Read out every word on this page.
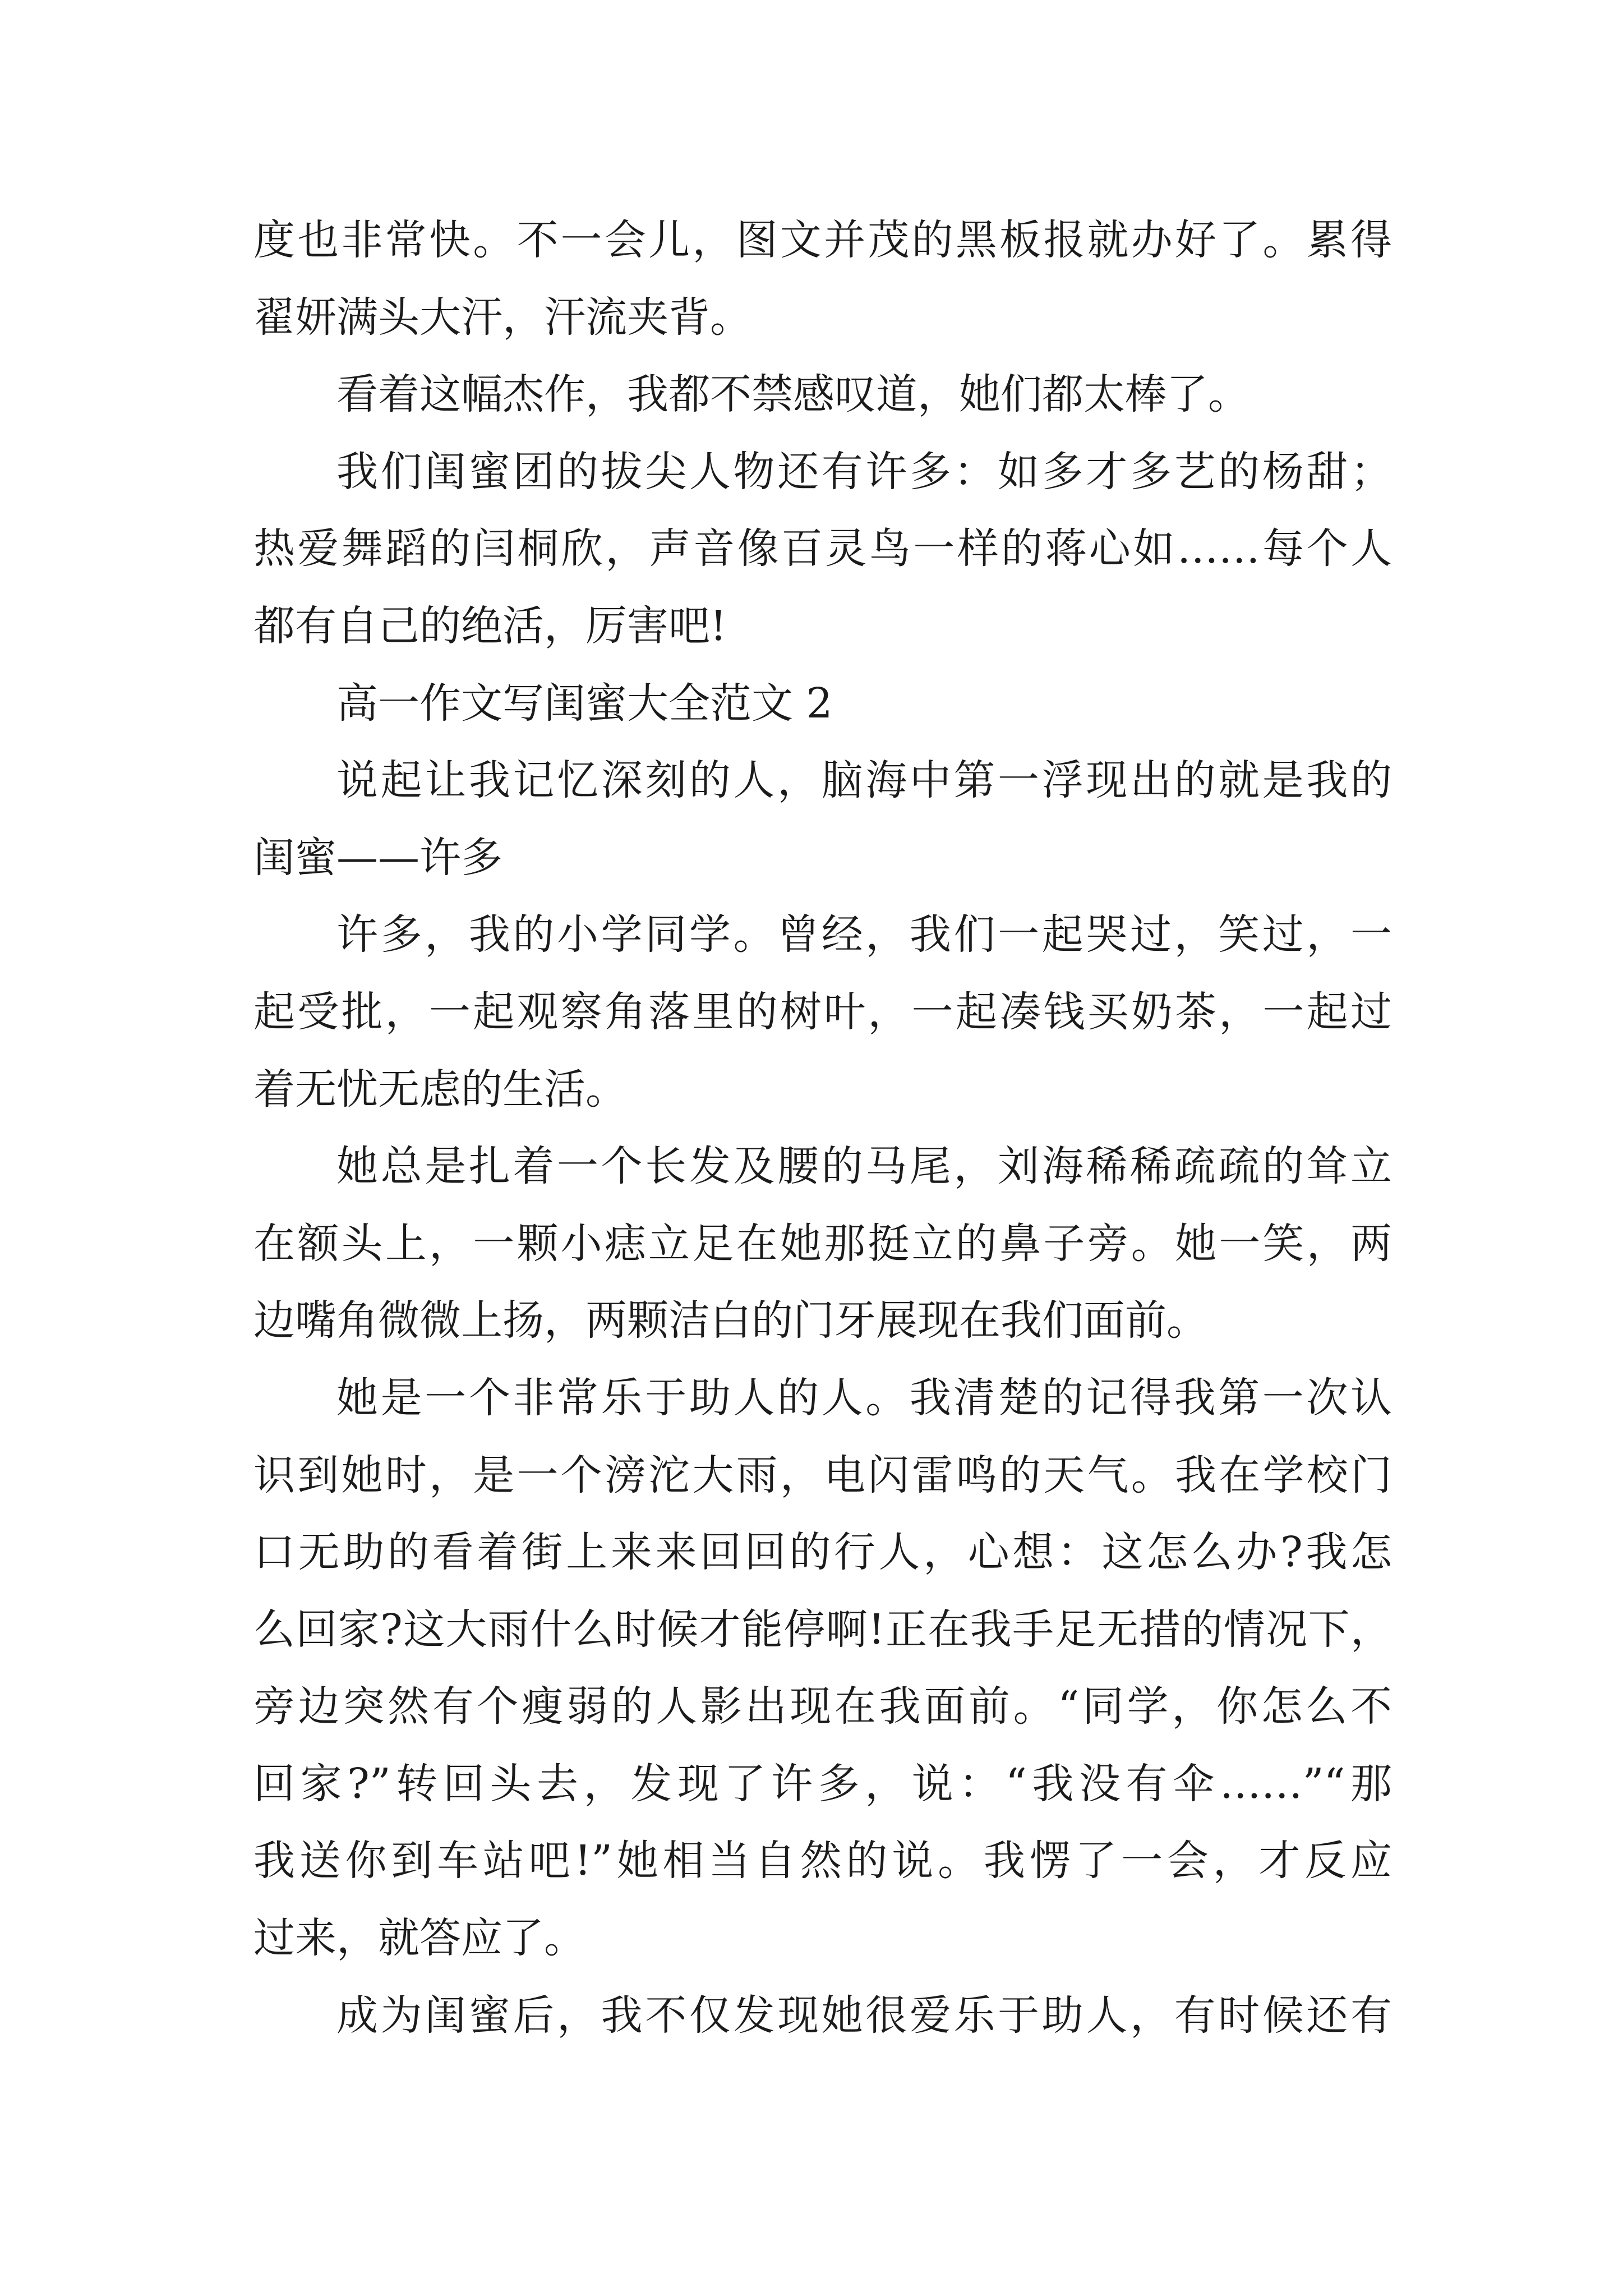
度也非常快。不一会儿，图文并茂的黑板报就办好了。累得
翟妍满头大汗，汗流夹背。
看着这幅杰作，我都不禁感叹道，她们都太棒了。
我们闺蜜团的拔尖人物还有许多：如多才多艺的杨甜；
热爱舞蹈的闫桐欣，声音像百灵鸟一样的蒋心如……每个人
都有自己的绝活，厉害吧!
高一作文写闺蜜大全范文 2
说起让我记忆深刻的人，脑海中第一浮现出的就是我的
闺蜜——许多
许多，我的小学同学。曾经，我们一起哭过，笑过，一
起受批，一起观察角落里的树叶，一起凑钱买奶茶，一起过
着无忧无虑的生活。
她总是扎着一个长发及腰的马尾，刘海稀稀疏疏的耸立
在额头上，一颗小痣立足在她那挺立的鼻子旁。她一笑，两
边嘴角微微上扬，两颗洁白的门牙展现在我们面前。
她是一个非常乐于助人的人。我清楚的记得我第一次认
识到她时，是一个滂沱大雨，电闪雷鸣的天气。我在学校门
口无助的看着街上来来回回的行人，心想：这怎么办?我怎
么回家?这大雨什么时候才能停啊!正在我手足无措的情况下，
旁边突然有个瘦弱的人影出现在我面前。“同学，你怎么不
回家?”转回头去，发现了许多，说：“我没有伞……”“那
我送你到车站吧!”她相当自然的说。我愣了一会，才反应
过来，就答应了。
成为闺蜜后，我不仅发现她很爱乐于助人，有时候还有
